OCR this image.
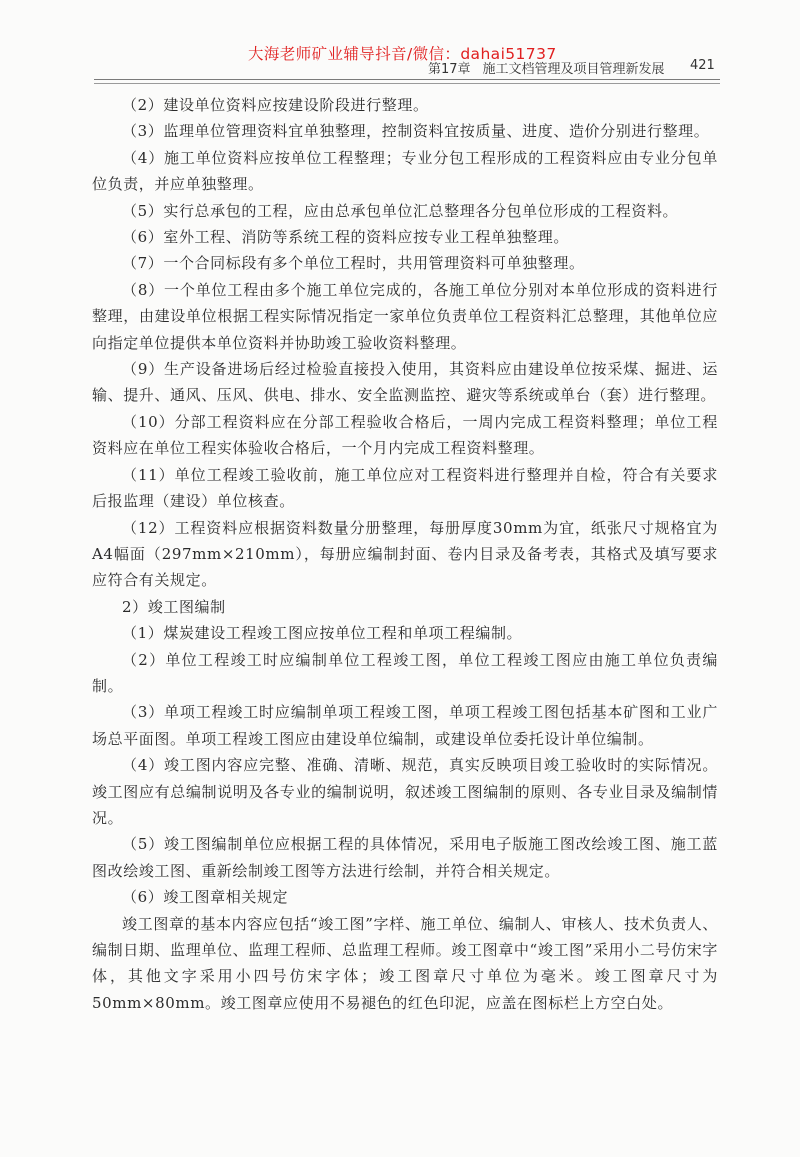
大海老师矿业辅导抖音/微信：dahai51737
第17章 施工文档管理及项目管理新发展 421

（2）建设单位资料应按建设阶段进行整理。

（3）监理单位管理资料宜单独整理，控制资料宜按质量、进度、造价分别进行整理。

（4）施工单位资料应按单位工程整理；专业分包工程形成的工程资料应由专业分包单位负责，并应单独整理。

（5）实行总承包的工程，应由总承包单位汇总整理各分包单位形成的工程资料。

（6）室外工程、消防等系统工程的资料应按专业工程单独整理。

（7）一个合同标段有多个单位工程时，共用管理资料可单独整理。

（8）一个单位工程由多个施工单位完成的，各施工单位分别对本单位形成的资料进行整理，由建设单位根据工程实际情况指定一家单位负责单位工程资料汇总整理，其他单位应向指定单位提供本单位资料并协助竣工验收资料整理。

（9）生产设备进场后经过检验直接投入使用，其资料应由建设单位按采煤、掘进、运输、提升、通风、压风、供电、排水、安全监测监控、避灾等系统或单台（套）进行整理。

（10）分部工程资料应在分部工程验收合格后，一周内完成工程资料整理；单位工程资料应在单位工程实体验收合格后，一个月内完成工程资料整理。

（11）单位工程竣工验收前，施工单位应对工程资料进行整理并自检，符合有关要求后报监理（建设）单位核查。

（12）工程资料应根据资料数量分册整理，每册厚度30mm为宜，纸张尺寸规格宜为A4幅面（297mm×210mm），每册应编制封面、卷内目录及备考表，其格式及填写要求应符合有关规定。

2）竣工图编制

（1）煤炭建设工程竣工图应按单位工程和单项工程编制。

（2）单位工程竣工时应编制单位工程竣工图，单位工程竣工图应由施工单位负责编制。

（3）单项工程竣工时应编制单项工程竣工图，单项工程竣工图包括基本矿图和工业广场总平面图。单项工程竣工图应由建设单位编制，或建设单位委托设计单位编制。

（4）竣工图内容应完整、准确、清晰、规范，真实反映项目竣工验收时的实际情况。竣工图应有总编制说明及各专业的编制说明，叙述竣工图编制的原则、各专业目录及编制情况。

（5）竣工图编制单位应根据工程的具体情况，采用电子版施工图改绘竣工图、施工蓝图改绘竣工图、重新绘制竣工图等方法进行绘制，并符合相关规定。

（6）竣工图章相关规定

竣工图章的基本内容应包括“竣工图”字样、施工单位、编制人、审核人、技术负责人、编制日期、监理单位、监理工程师、总监理工程师。竣工图章中“竣工图”采用小二号仿宋字体，其他文字采用小四号仿宋字体；竣工图章尺寸单位为毫米。竣工图章尺寸为50mm×80mm。竣工图章应使用不易褪色的红色印泥，应盖在图标栏上方空白处。
